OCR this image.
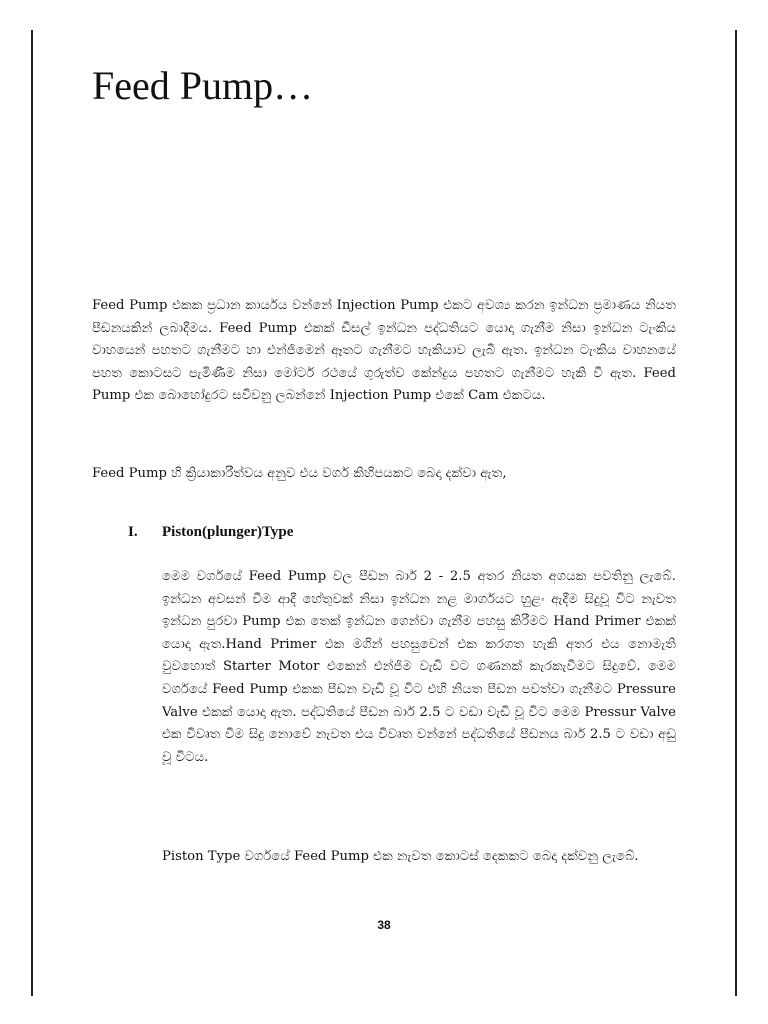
Feed Pump…

Feed Pump එකක ප්‍රධාන කාර්යය වන්නේ Injection Pump එකට අවශ්‍ය කරන ඉන්ධන ප්‍රමාණය නියත පීඩනයකින් ලබාදීමය. Feed Pump එකක් ඩීසල් ඉන්ධන පද්ධතියට යොදා ගැනීම නිසා ඉන්ධන ටැංකිය වාහයෙන් පහතට ගැනීමට හා එන්ජිමෙන් ඈතට ගැනීමට හැකියාව ලැබී ඇත. ඉන්ධන ටැංකිය වාහනයේ පහත කොටසට පැමිණීම නිසා මෝටර් රථයේ ගුරුත්ව කේන්ද්‍රය පහතට ගැනීමට හැකි වී ඇත. Feed Pump එක බොහෝදුරට සවිවනු ලබන්නේ Injection Pump එකේ Cam එකටය.

Feed Pump හි ක්‍රියාකාරීත්වය අනුව එය වර්ග කිහිපයකට බෙදා දක්වා ඇත,

I. Piston(plunger)Type

මෙම වර්ගයේ Feed Pump වල පීඩන බාර් 2 - 2.5 අතර නියත අගයක පවතිනු ලැබේ. ඉන්ධන අවසන් වීම ආදී හේතුවක් නිසා ඉන්ධන නළ මාර්ගයට හුළං ඇදීම සිදුවූ විට නැවත ඉන්ධන පුරවා Pump එක තෙක් ඉන්ධන ගෙන්වා ගැනීම පහසු කිරීමට Hand Primer එකක් යොදා ඇත.Hand Primer එක මගින් පහසුවෙන් එක කරගත හැකි අතර එය නොමැති වුවහොත් Starter Motor එකෙන් එන්ජිම වැඩි වට ගණනක් කැරකැවීමට සිදුවේ. මෙම වර්ගයේ Feed Pump එකක පීඩන වැඩි වූ විට එහි නියත පීඩන පවත්වා ගැනීමට Pressure Valve එකක් යොදා ඇත. පද්ධතියේ පීඩන බාර් 2.5 ට වඩා වැඩි වූ විට මෙම Pressur Valve එක විවෘත වීම සිදු නොවේ නැවත එය විවෘත වන්නේ පද්ධතියේ පීඩනය බාර් 2.5 ට වඩා අඩු වූ විටය.

Piston Type වර්ගයේ Feed Pump එක නැවත කොටස් දෙකකට බෙදා දක්වනු ලැබේ.

38
